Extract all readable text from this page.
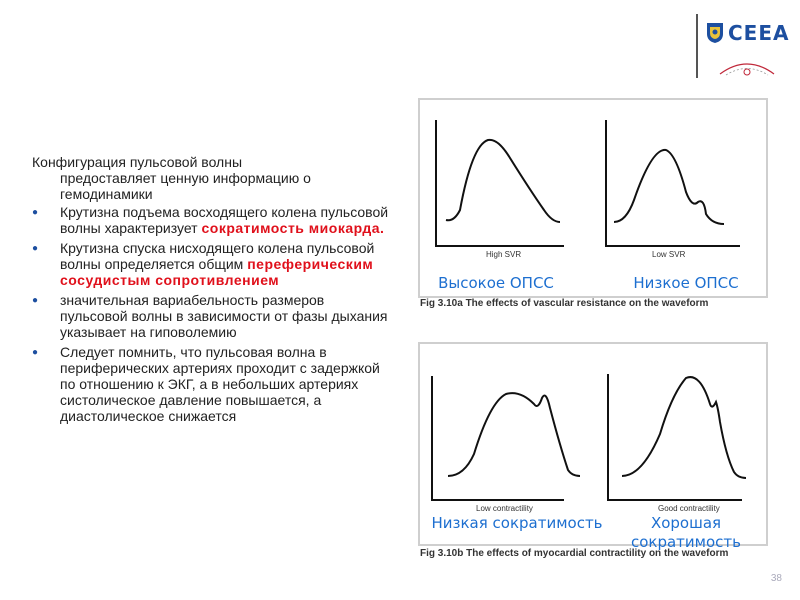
CEEA

Конфигурация пульсовой волны
предоставляет ценную информацию о
гемодинамики

● Крутизна подъема восходящего колена пульсовой волны характеризует сократимость миокарда.
● Крутизна спуска нисходящего колена пульсовой волны определяется общим переферическим сосудистым сопротивлением
● значительная вариабельность размеров пульсовой волны в зависимости от фазы дыхания указывает на гиповолемию
● Следует помнить, что пульсовая волна в периферических артериях проходит с задержкой по отношению к ЭКГ, а в небольших артериях систолическое давление повышается, а диастолическое снижается
High SVR	Low SVR
Высокое ОПСС	Низкое ОПСС
Fig 3.10a The effects of vascular resistance on the waveform
Low contractility	Good contractility
Низкая сократимость	Хорошая сократимость
Fig 3.10b The effects of myocardial contractility on the waveform
38
